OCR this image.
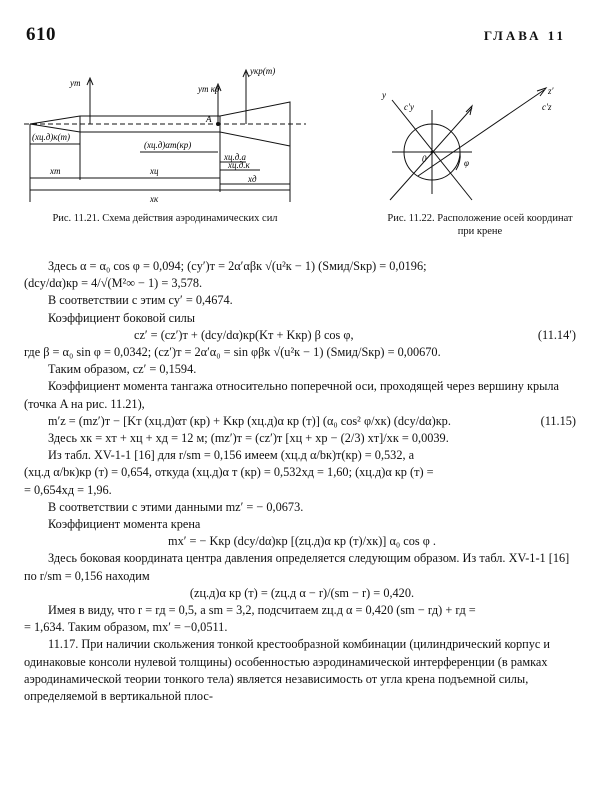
610	ГЛАВА 11
yт
yт кр
yкр(т)
A
(xц.д)к(т)
(xц.д)αт(кр)
xт	xц
xк
xц.д.а
xц.д.к
xд
y
c′y
z′
c′z
0	φ
Рис. 11.21. Схема действия аэродинамических сил	Рис. 11.22. Расположение осей координат при крене

Здесь α = α₀ cos φ = 0,094; (cy′)т = 2α′αβк √(u²к − 1) (Sмид/Sкр) = 0,0196;

(dcy/dα)кр = 4/√(M²∞ − 1) = 3,578.

В соответствии с этим cy′ = 0,4674.

Коэффициент боковой силы

cz′ = (cz′)т + (dcy/dα)кр(Kт + Kкр) β cos φ,	(11.14′)

где β = α₀ sin φ = 0,0342; (cz′)т = 2α′α₀ = sin φβк √(u²к − 1) (Sмид/Sкр) = 0,00670.

Таким образом, cz′ = 0,1594.

Коэффициент момента тангажа относительно поперечной оси, проходящей через вершину крыла (точка A на рис. 11.21),

m′z = (mz′)т − [Kт (xц.д)αт (кр) + Kкр (xц.д)α кр (т)] (α₀ cos² φ/xк) (dcy/dα)кр.	(11.15)

Здесь xк = xт + xц + xд = 12 м; (mz′)т = (cz′)т [xц + xр − (2/3) xт]/xк = 0,0039.

Из табл. XV-1-1 [16] для r/sm = 0,156 имеем (xц.д α/bк)т(кр) = 0,532, а

(xц.д α/bк)кр (т) = 0,654, откуда (xц.д)α т (кр) = 0,532xд = 1,60; (xц.д)α кр (т) =

= 0,654xд = 1,96.

В соответствии с этими данными mz′ = − 0,0673.

Коэффициент момента крена

mx′ = − Kкр (dcy/dα)кр [(zц.д)α кр (т)/xк)] α₀ cos φ .

Здесь боковая координата центра давления определяется следующим образом. Из табл. XV-1-1 [16] по r/sm = 0,156 находим

(zц.д)α кр (т) = (zц.д α − r)/(sm − r) = 0,420.

Имея в виду, что r = rд = 0,5, а sm = 3,2, подсчитаем zц.д α = 0,420 (sm − rд) + rд =

= 1,634. Таким образом, mx′ = −0,0511.

11.17. При наличии скольжения тонкой крестообразной комбинации (цилиндрический корпус и одинаковые консоли нулевой толщины) особенностью аэродинамической интерференции (в рамках аэродинамической теории тонкого тела) является независимость от угла крена подъемной силы, определяемой в вертикальной плос-
